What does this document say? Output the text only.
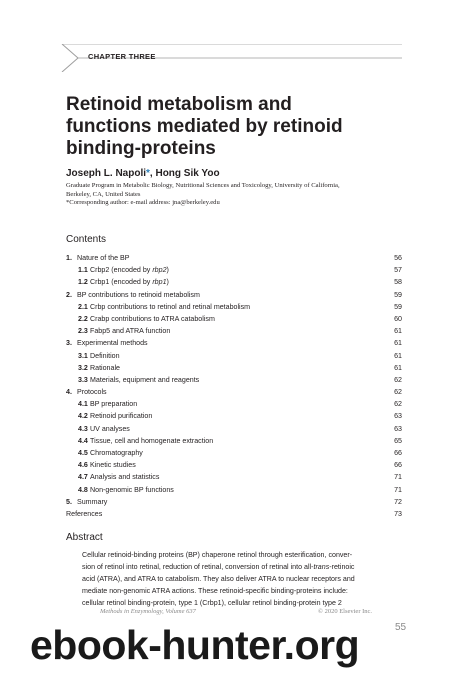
CHAPTER THREE
Retinoid metabolism and
functions mediated by retinoid
binding-proteins
Joseph L. Napoli*, Hong Sik Yoo
Graduate Program in Metabolic Biology, Nutritional Sciences and Toxicology, University of California,
Berkeley, CA, United States
*Corresponding author: e-mail address: jna@berkeley.edu
Contents
1. Nature of the BP	56
1.1 Crbp2 (encoded by rbp2)	57
1.2 Crbp1 (encoded by rbp1)	58
2. BP contributions to retinoid metabolism	59
2.1 Crbp contributions to retinol and retinal metabolism	59
2.2 Crabp contributions to ATRA catabolism	60
2.3 Fabp5 and ATRA function	61
3. Experimental methods	61
3.1 Definition	61
3.2 Rationale	61
3.3 Materials, equipment and reagents	62
4. Protocols	62
4.1 BP preparation	62
4.2 Retinoid purification	63
4.3 UV analyses	63
4.4 Tissue, cell and homogenate extraction	65
4.5 Chromatography	66
4.6 Kinetic studies	66
4.7 Analysis and statistics	71
4.8 Non-genomic BP functions	71
5. Summary	72
References	73
Abstract
Cellular retinoid-binding proteins (BP) chaperone retinol through esterification, conver-
sion of retinol into retinal, reduction of retinal, conversion of retinal into all-trans-retinoic
acid (ATRA), and ATRA to catabolism. They also deliver ATRA to nuclear receptors and
mediate non-genomic ATRA actions. These retinoid-specific binding-proteins include:
cellular retinol binding-protein, type 1 (Crbp1), cellular retinol binding-protein type 2
Methods in Enzymology, Volume 637	© 2020 Elsevier Inc.
55
ebook-hunter.org
